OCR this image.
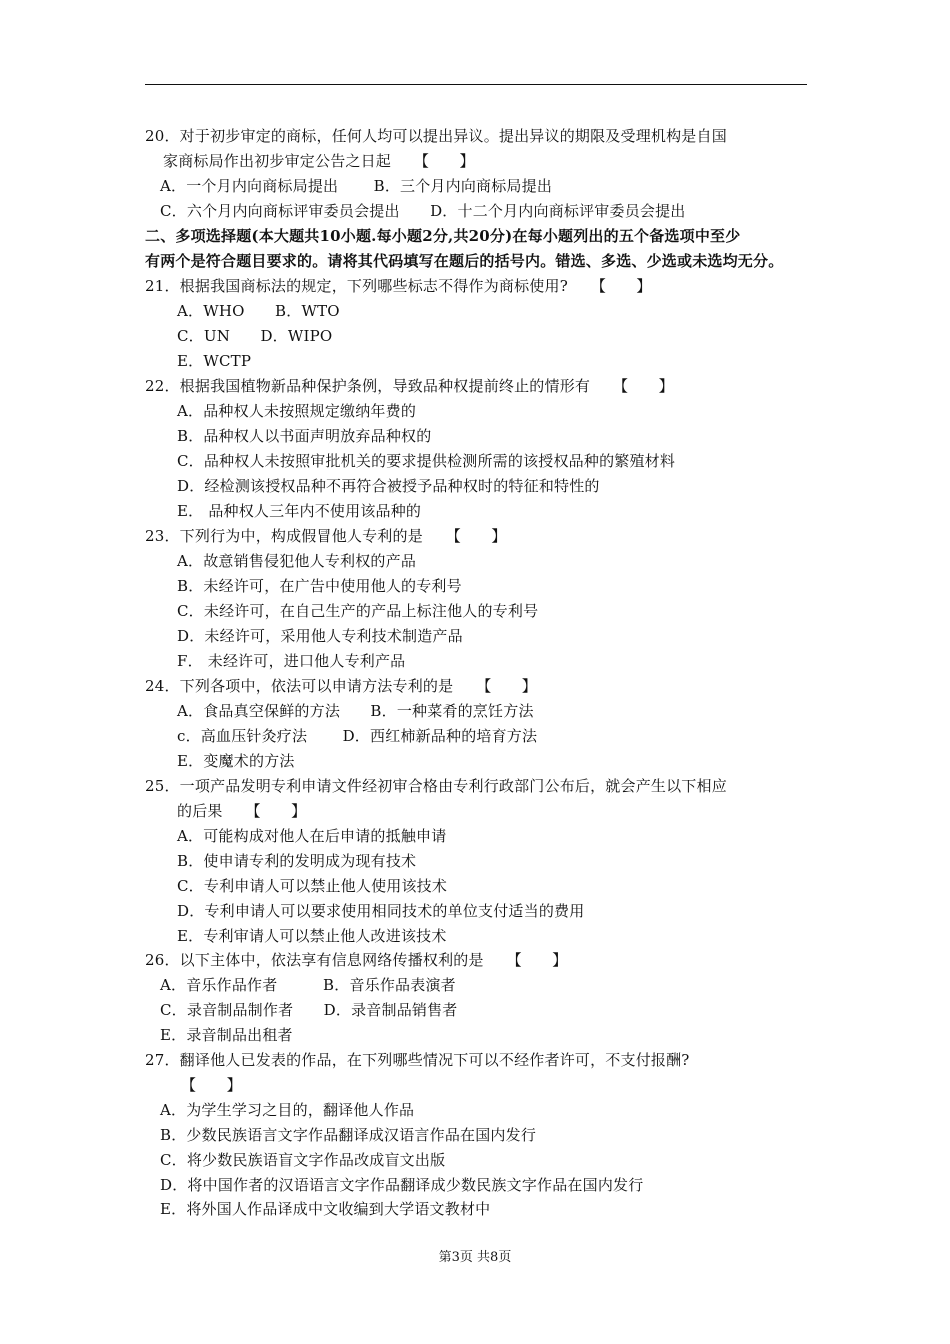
20．对于初步审定的商标，任何人均可以提出异议。提出异议的期限及受理机构是自国
家商标局作出初步审定公告之日起　　【　　】
A．一个月内向商标局提出　　 B．三个月内向商标局提出
C．六个月内向商标评审委员会提出　　D．十二个月内向商标评审委员会提出
二、多项选择题(本大题共10小题.每小题2分,共20分)在每小题列出的五个备选项中至少
有两个是符合题目要求的。请将其代码填写在题后的括号内。错选、多选、少选或未选均无分。
21．根据我国商标法的规定，下列哪些标志不得作为商标使用?　　【　　】
A．WHO　　B．WTO
C．UN　　D．WIPO
E．WCTP
22．根据我国植物新品种保护条例，导致品种权提前终止的情形有　　【　　】
A．品种权人未按照规定缴纳年费的
B．品种权人以书面声明放弃品种权的
C．品种权人未按照审批机关的要求提供检测所需的该授权品种的繁殖材料
D．经检测该授权品种不再符合被授予品种权时的特征和特性的
E． 品种权人三年内不使用该品种的
23．下列行为中，构成假冒他人专利的是　　【　　】
A．故意销售侵犯他人专利权的产品
B．未经许可，在广告中使用他人的专利号
C．未经许可，在自己生产的产品上标注他人的专利号
D．未经许可，采用他人专利技术制造产品
F． 未经许可，进口他人专利产品
24．下列各项中，依法可以申请方法专利的是　　【　　】
A．食品真空保鲜的方法　　B．一种菜肴的烹饪方法
c．高血压针灸疗法　　 D．西红柿新品种的培育方法
E．变魔术的方法
25．一项产品发明专利申请文件经初审合格由专利行政部门公布后，就会产生以下相应
的后果　　【　　】
A．可能构成对他人在后申请的抵触申请
B．使申请专利的发明成为现有技术
C．专利申请人可以禁止他人使用该技术
D．专利申请人可以要求使用相同技术的单位支付适当的费用
E．专利审请人可以禁止他人改进该技术
26．以下主体中，依法享有信息网络传播权利的是　　【　　】
A．音乐作品作者　　　B．音乐作品表演者
C．录音制品制作者　　D．录音制品销售者
E．录音制品出租者
27．翻译他人已发表的作品，在下列哪些情况下可以不经作者许可，不支付报酬?
【　　】
A．为学生学习之目的，翻译他人作品
B．少数民族语言文字作品翻译成汉语言作品在国内发行
C．将少数民族语盲文字作品改成盲文出版
D．将中国作者的汉语语言文字作品翻译成少数民族文字作品在国内发行
E．将外国人作品译成中文收编到大学语文教材中
第3页 共8页
